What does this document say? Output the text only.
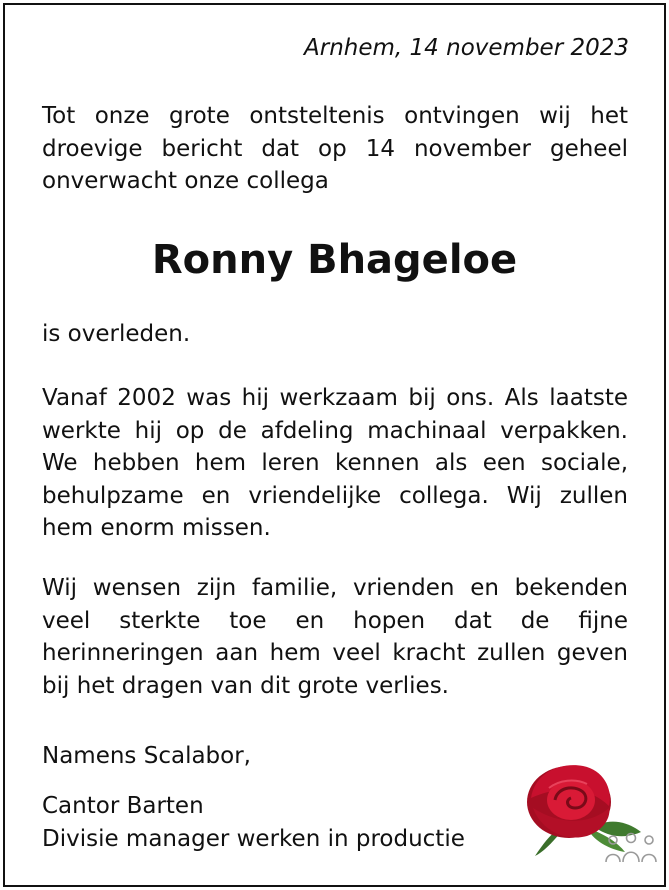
Arnhem, 14 november 2023
Tot onze grote ontsteltenis ontvingen wij het droevige bericht dat op 14 november geheel onverwacht onze collega
Ronny Bhageloe
is overleden.
Vanaf 2002 was hij werkzaam bij ons. Als laatste werkte hij op de afdeling machinaal verpakken. We hebben hem leren kennen als een sociale, behulpzame en vriendelijke collega. Wij zullen hem enorm missen.
Wij wensen zijn familie, vrienden en bekenden veel sterkte toe en hopen dat de fijne herinneringen aan hem veel kracht zullen geven bij het dragen van dit grote verlies.
Namens Scalabor,
Cantor Barten
Divisie manager werken in productie
